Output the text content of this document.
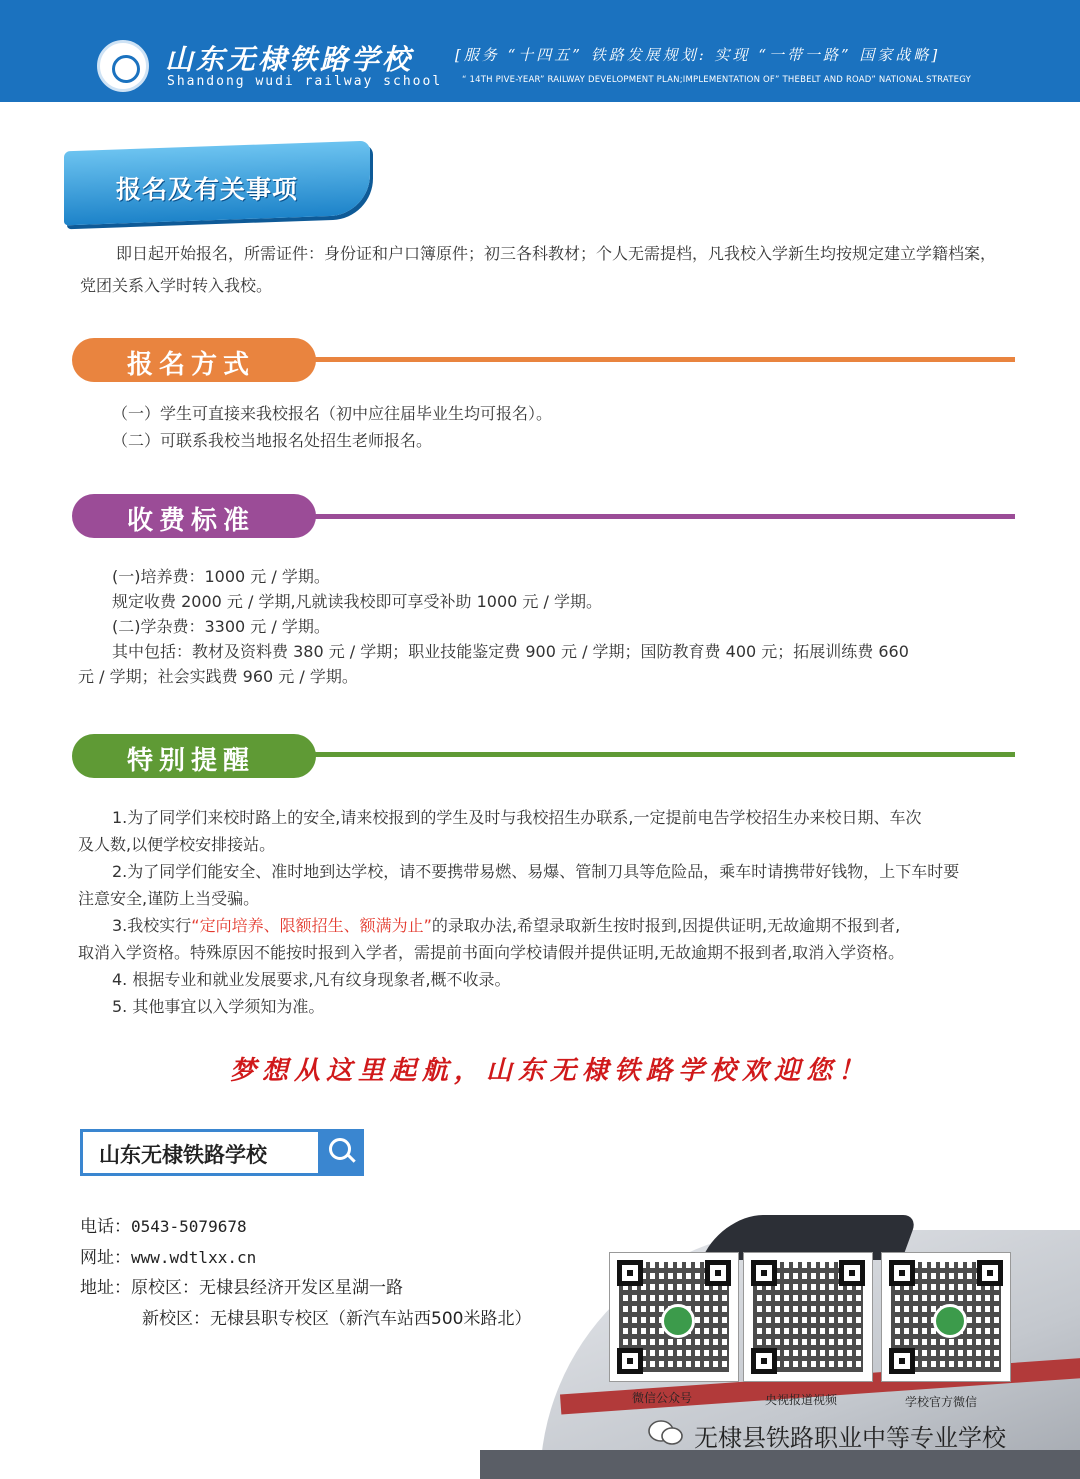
山东无棣铁路学校
Shandong wudi railway school
[服务 “十四五” 铁路发展规划: 实现 “一带一路” 国家战略]
“ 14TH PIVE-YEAR” RAILWAY DEVELOPMENT PLAN;IMPLEMENTATION OF” THEBELT AND ROAD” NATIONAL STRATEGY
报名及有关事项
即日起开始报名，所需证件：身份证和户口簿原件；初三各科教材；个人无需提档，凡我校入学新生均按规定建立学籍档案，党团关系入学时转入我校。
报名方式
（一）学生可直接来我校报名（初中应往届毕业生均可报名）。
（二）可联系我校当地报名处招生老师报名。
收费标准
(一)培养费：1000 元 / 学期。
规定收费 2000 元 / 学期,凡就读我校即可享受补助 1000 元 / 学期。
(二)学杂费：3300 元 / 学期。
其中包括：教材及资料费 380 元 / 学期；职业技能鉴定费 900 元 / 学期；国防教育费 400 元；拓展训练费 660
元 / 学期；社会实践费 960 元 / 学期。
特别提醒
1.为了同学们来校时路上的安全,请来校报到的学生及时与我校招生办联系,一定提前电告学校招生办来校日期、车次
及人数,以便学校安排接站。
2.为了同学们能安全、准时地到达学校，请不要携带易燃、易爆、管制刀具等危险品，乘车时请携带好钱物，上下车时要
注意安全,谨防上当受骗。
3.我校实行“定向培养、限额招生、额满为止”的录取办法,希望录取新生按时报到,因提供证明,无故逾期不报到者,
取消入学资格。特殊原因不能按时报到入学者，需提前书面向学校请假并提供证明,无故逾期不报到者,取消入学资格。
4. 根据专业和就业发展要求,凡有纹身现象者,概不收录。
5. 其他事宜以入学须知为准。
梦想从这里起航，山东无棣铁路学校欢迎您！
山东无棣铁路学校
电话：0543-5079678
网址：www.wdtlxx.cn
地址：原校区：无棣县经济开发区星湖一路
新校区：无棣县职专校区（新汽车站西500米路北）
微信公众号	央视报道视频	学校官方微信
无棣县铁路职业中等专业学校
